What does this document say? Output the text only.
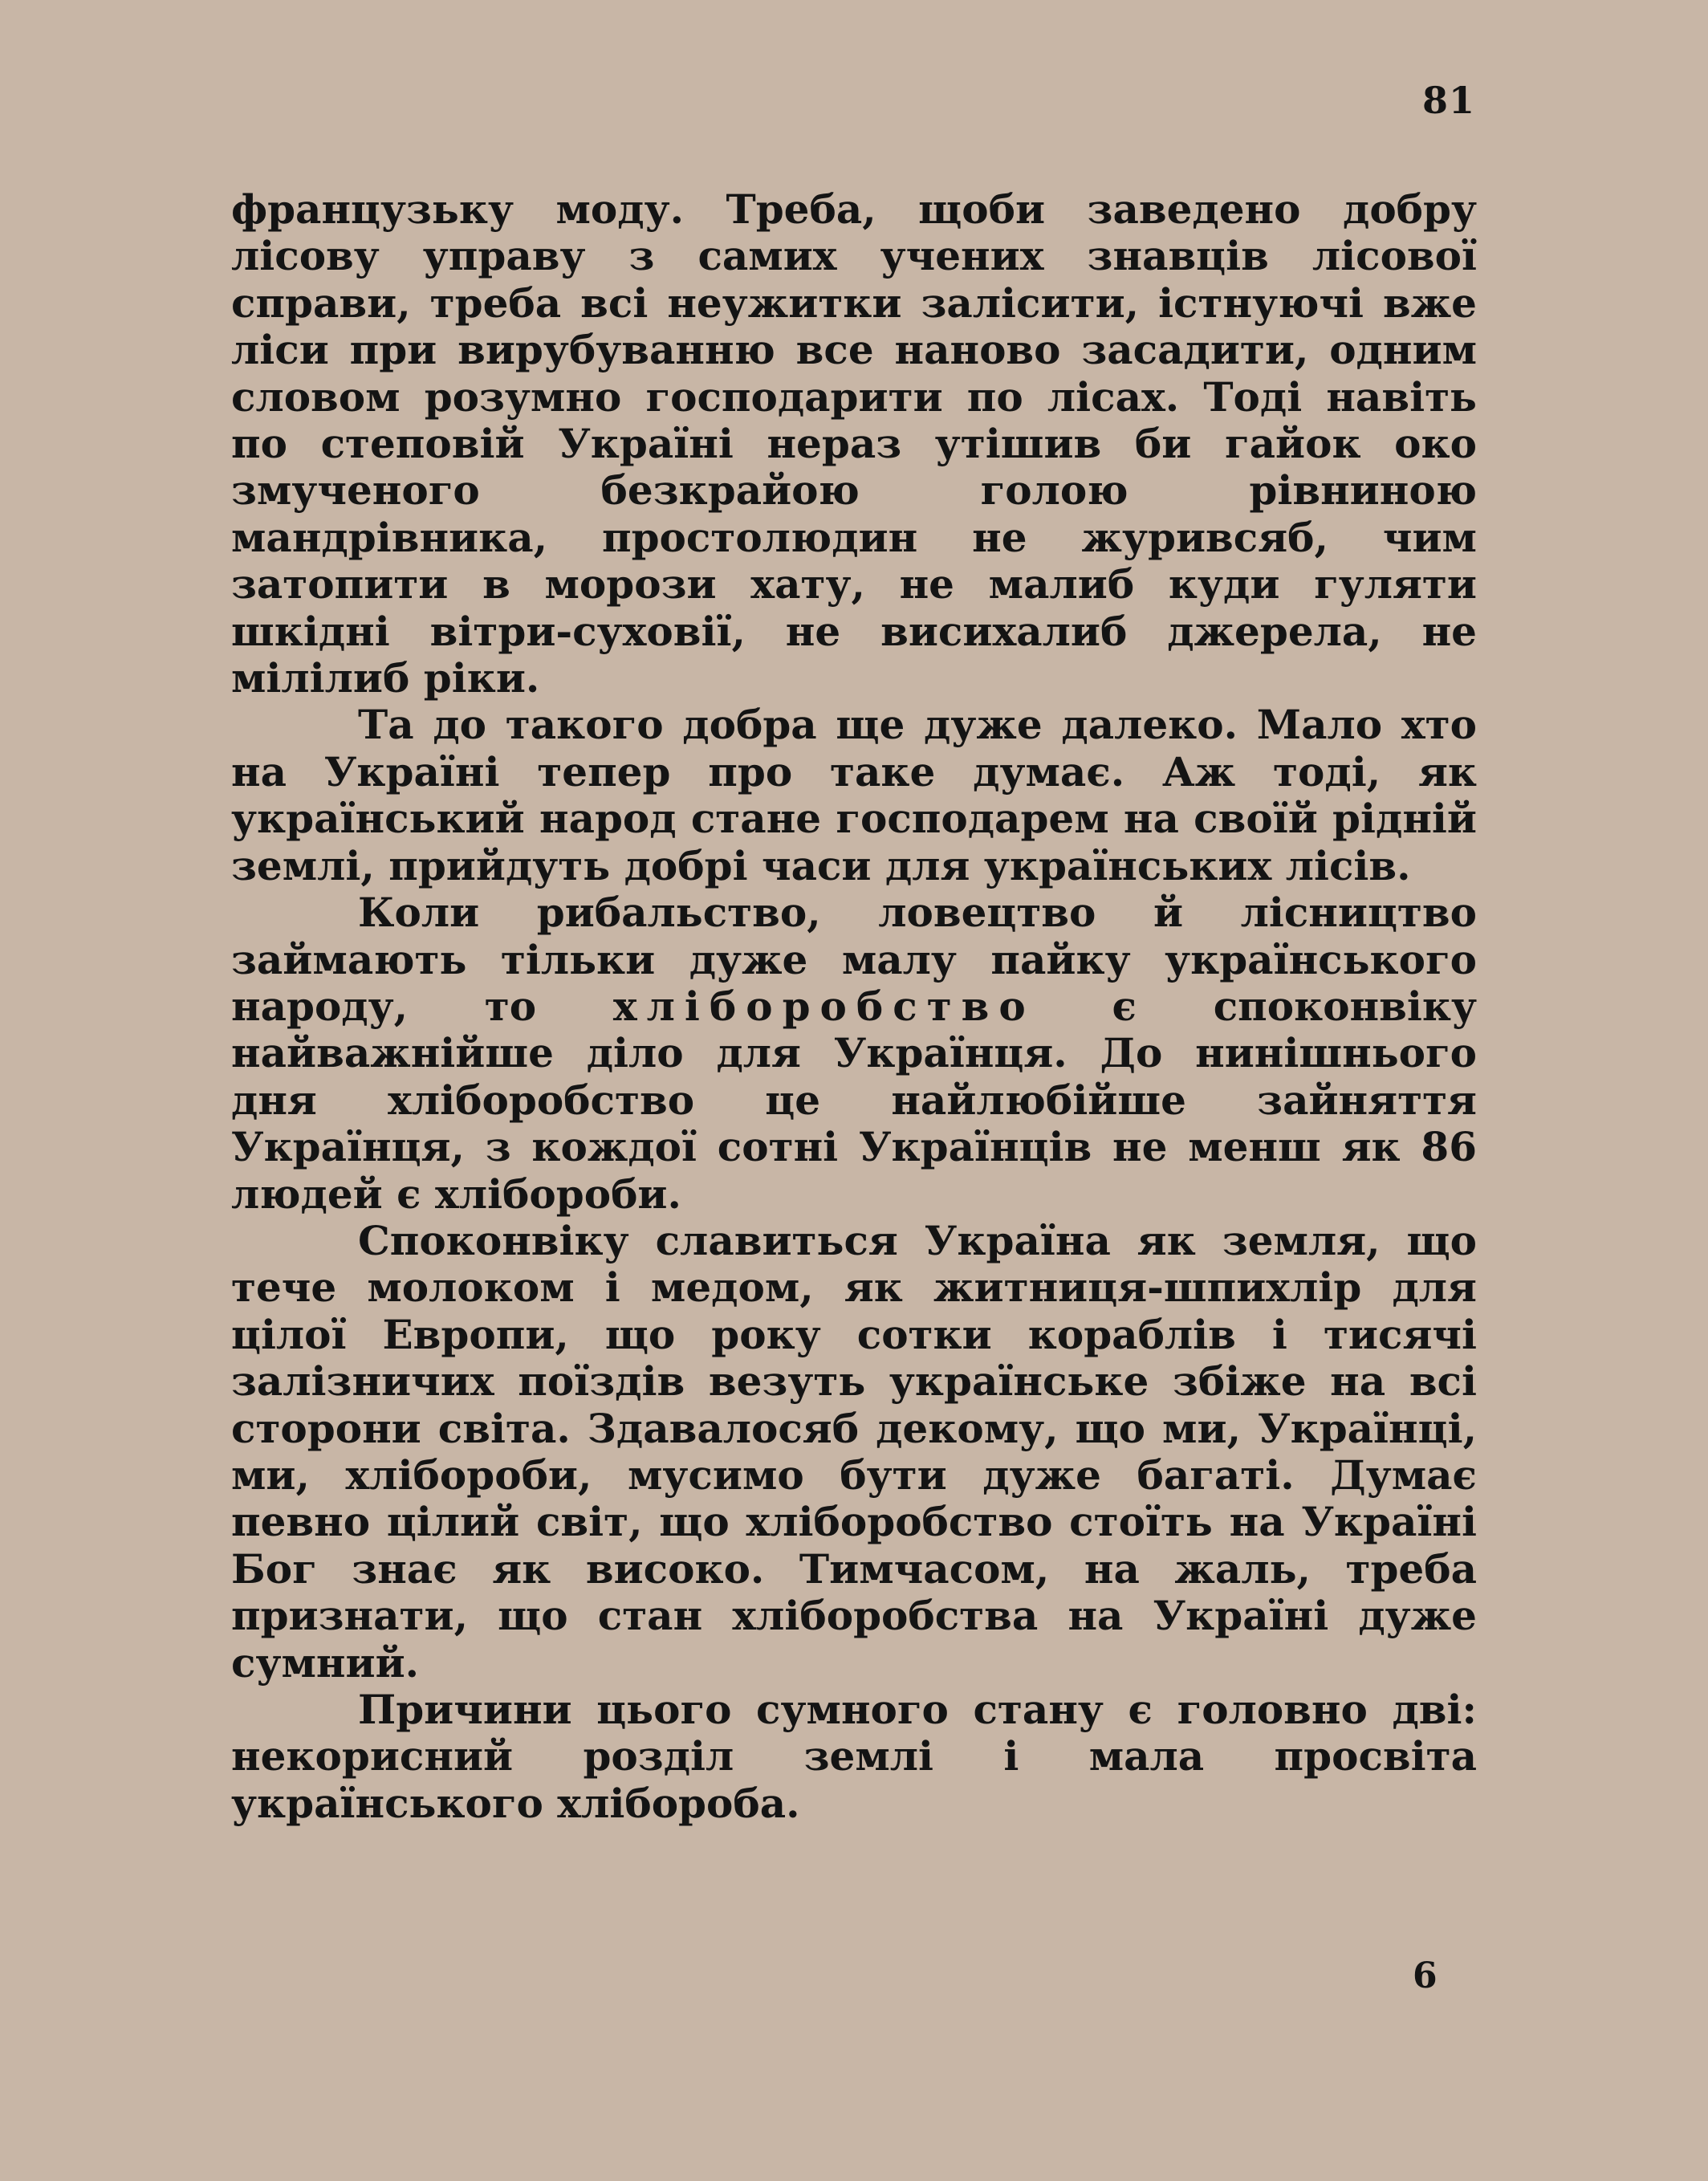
81

французьку моду. Треба, щоби заведено добру лісову управу з самих учених знавців лісової справи, треба всі неужитки залісити, істнуючі вже ліси при вирубуванню все наново засадити, одним словом розумно господарити по лісах. Тоді навіть по степовій Україні нераз утішив би гайок око змученого безкрайою голою рівниною мандрівника, простолюдин не журивсяб, чим затопити в морози хату, не малиб куди гуляти шкідні вітри-суховії, не висихалиб джерела, не мілілиб ріки.

Та до такого добра ще дуже далеко. Мало хто на Україні тепер про таке думає. Аж тоді, як український народ стане господарем на своїй рідній землі, прийдуть добрі часи для українських лісів.

Коли рибальство, ловецтво й лісництво займають тільки дуже малу пайку українського народу, то хліборобство є споконвіку найважнійше діло для Українця. До нинішнього дня хліборобство це найлюбійше зайняття Українця, з кождої сотні Українців не менш як 86 людей є хлібороби.

Споконвіку славиться Україна як земля, що тече молоком і медом, як житниця-шпихлір для цілої Европи, що року сотки кораблів і тисячі залізничих поїздів везуть українське збіже на всі сторони світа. Здавалосяб декому, що ми, Українці, ми, хлібороби, мусимо бути дуже багаті. Думає певно цілий світ, що хліборобство стоїть на Україні Бог знає як високо. Тимчасом, на жаль, треба признати, що стан хліборобства на Україні дуже сумний.

Причини цього сумного стану є головно дві: некорисний розділ землі і мала просвіта українського хлібороба.

6
